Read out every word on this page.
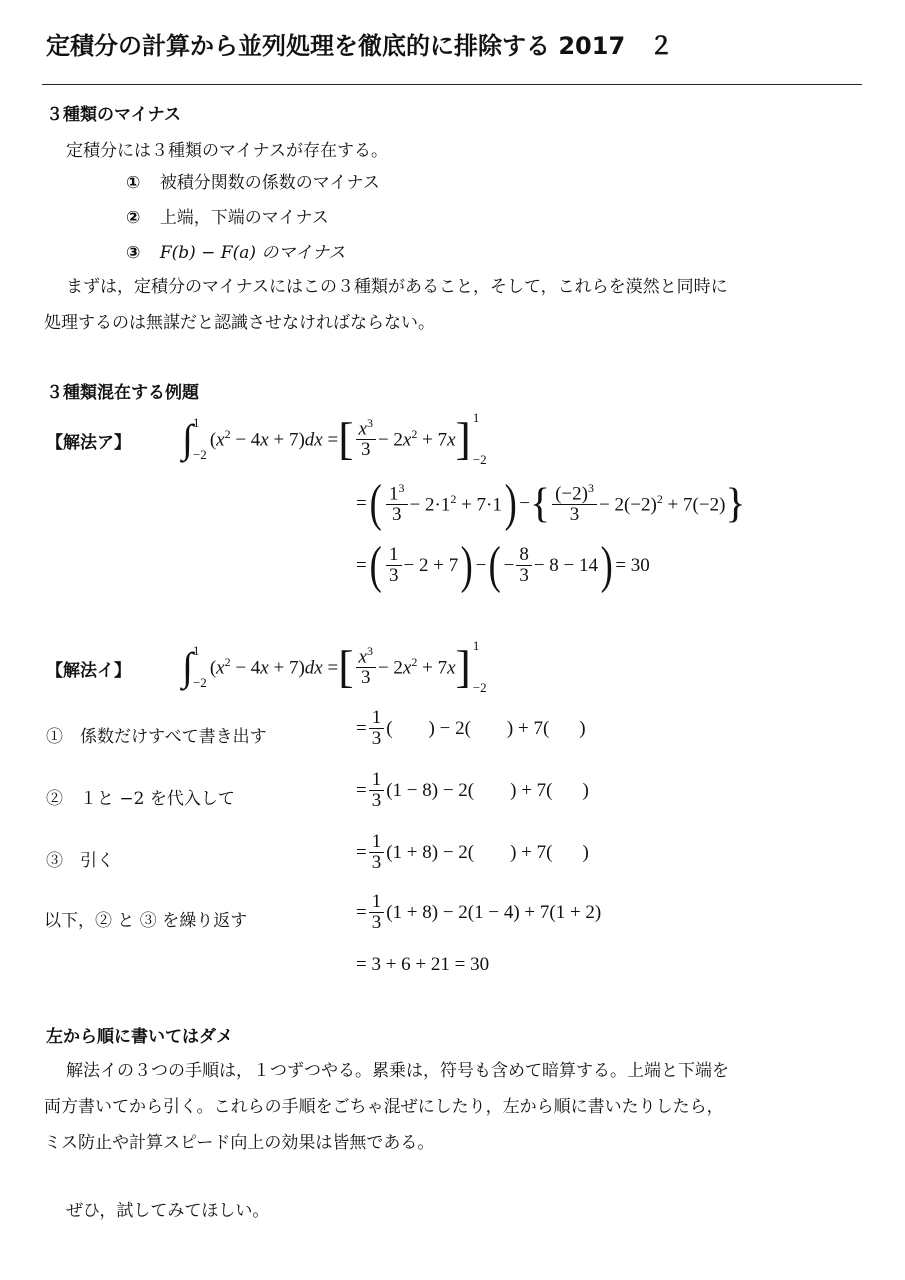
定積分の計算から並列処理を徹底的に排除する 2017　２
３種類のマイナス
定積分には３種類のマイナスが存在する。
① 被積分関数の係数のマイナス
② 上端，下端のマイナス
③ F(b) − F(a) のマイナス
まずは，定積分のマイナスにはこの３種類があること，そして，これらを漠然と同時に
処理するのは無謀だと認識させなければならない。
３種類混在する例題
【解法ア】 ∫ 1
−2
$(x^2 - 4x + 7)dx$ = [ $\frac{x^3}{3} - 2x^2 + 7x$ ] 1
−2
= ( $\frac{1^3}{3} - 2\cdot 1^2 + 7\cdot 1$ ) − { $\frac{(-2)^3}{3} - 2(-2)^2 + 7(-2)$ }
= ( $\frac{1}{3} - 2 + 7$ ) − ( − $\frac{8}{3} - 8 - 14$ ) = 30
【解法イ】 ∫ 1
−2
$(x^2 - 4x + 7)dx$ = [ $\frac{x^3}{3} - 2x^2 + 7x$ ] 1
−2
①　係数だけすべて書き出す	= $\frac{1}{3}$ ( ) − 2( ) + 7( )
②　１と −2 を代入して	= $\frac{1}{3} (1 - 8) - 2$( ) + 7( )
③　引く	= $\frac{1}{3} (1 + 8) - 2$( ) + 7( )
以下，② と ③ を繰り返す	= $\frac{1}{3} (1 + 8) - 2(1 - 4) + 7(1 + 2)$
= 3 + 6 + 21 = 30
左から順に書いてはダメ
解法イの３つの手順は，１つずつやる。累乗は，符号も含めて暗算する。上端と下端を
両方書いてから引く。これらの手順をごちゃ混ぜにしたり，左から順に書いたりしたら，
ミス防止や計算スピード向上の効果は皆無である。
ぜひ，試してみてほしい。
